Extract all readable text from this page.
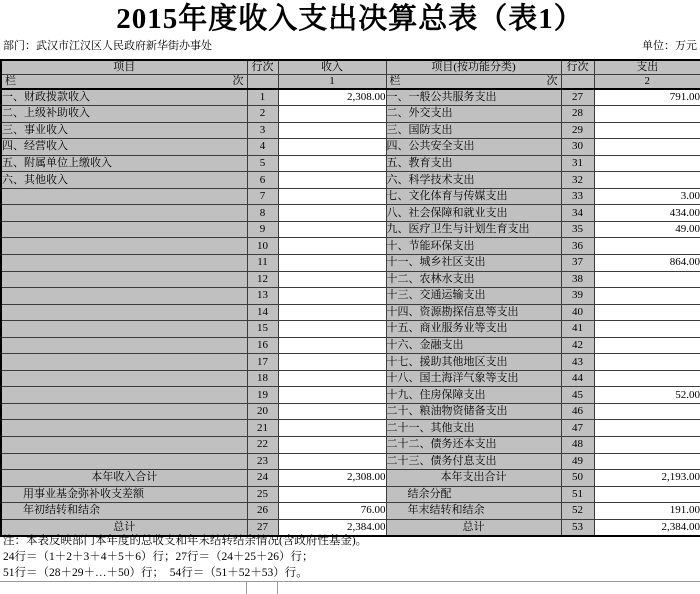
2015年度收入支出决算总表（表1）
部门：武汉市江汉区人民政府新华街办事处	单位：万元
项目	行次	收入	项目(按功能分类)	行次	支出

栏 次		1	栏 次		2
一、财政拨款收入	1	2,308.00	一、一般公共服务支出	27	791.00
二、上级补助收入	2		二、外交支出	28	
三、事业收入	3		三、国防支出	29	
四、经营收入	4		四、公共安全支出	30	
五、附属单位上缴收入	5		五、教育支出	31	
六、其他收入	6		六、科学技术支出	32	
	7		七、文化体育与传媒支出	33	3.00
	8		八、社会保障和就业支出	34	434.00
	9		九、医疗卫生与计划生育支出	35	49.00
	10		十、节能环保支出	36	
	11		十一、城乡社区支出	37	864.00
	12		十二、农林水支出	38	
	13		十三、交通运输支出	39	
	14		十四、资源勘探信息等支出	40	
	15		十五、商业服务业等支出	41	
	16		十六、金融支出	42	
	17		十七、援助其他地区支出	43	
	18		十八、国土海洋气象等支出	44	
	19		十九、住房保障支出	45	52.00
	20		二十、粮油物资储备支出	46	
	21		二十一、其他支出	47	
	22		二十二、债务还本支出	48	
	23		二十三、债务付息支出	49	
本年收入合计	24	2,308.00	本年支出合计	50	2,193.00
用事业基金弥补收支差额	25		结余分配	51	
年初结转和结余	26	76.00	年末结转和结余	52	191.00
总计	27	2,384.00	总计	53	2,384.00
注：本表反映部门本年度的总收支和年末结转结余情况(含政府性基金)。
24行＝（1＋2＋3＋4＋5＋6）行；27行＝（24＋25＋26）行；
51行＝（28＋29＋…＋50）行；　54行＝（51＋52＋53）行。
